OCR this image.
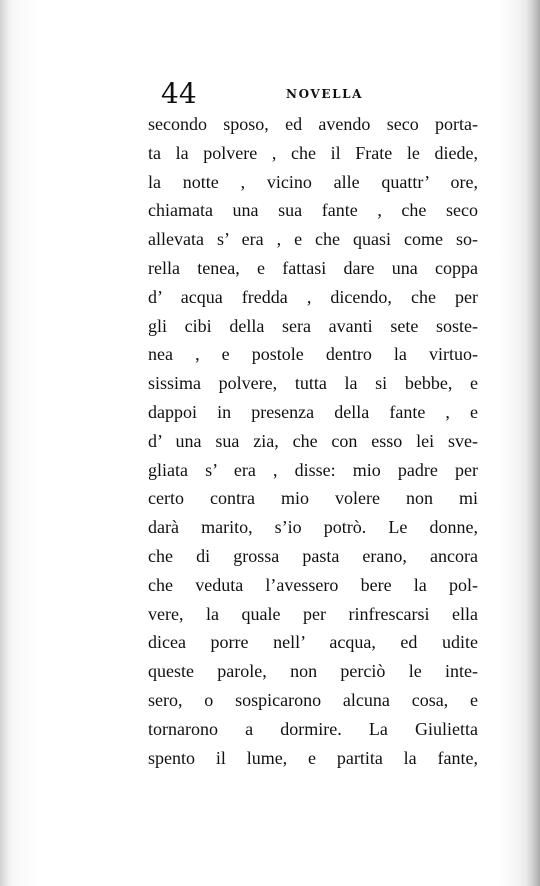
44	NOVELLA
secondo sposo, ed avendo seco porta-
ta la polvere , che il Frate le diede,
la notte , vicino alle quattr’ ore,
chiamata una sua fante , che seco
allevata s’ era , e che quasi come so-
rella tenea, e fattasi dare una coppa
d’ acqua fredda , dicendo, che per
gli cibi della sera avanti sete soste-
nea , e postole dentro la virtuo-
sissima polvere, tutta la si bebbe, e
dappoi in presenza della fante , e
d’ una sua zia, che con esso lei sve-
gliata s’ era , disse: mio padre per
certo contra mio volere non mi
darà marito, s’io potrò. Le donne,
che di grossa pasta erano, ancora
che veduta l’avessero bere la pol-
vere, la quale per rinfrescarsi ella
dicea porre nell’ acqua, ed udite
queste parole, non perciò le inte-
sero, o sospicarono alcuna cosa, e
tornarono a dormire. La Giulietta
spento il lume, e partita la fante,
